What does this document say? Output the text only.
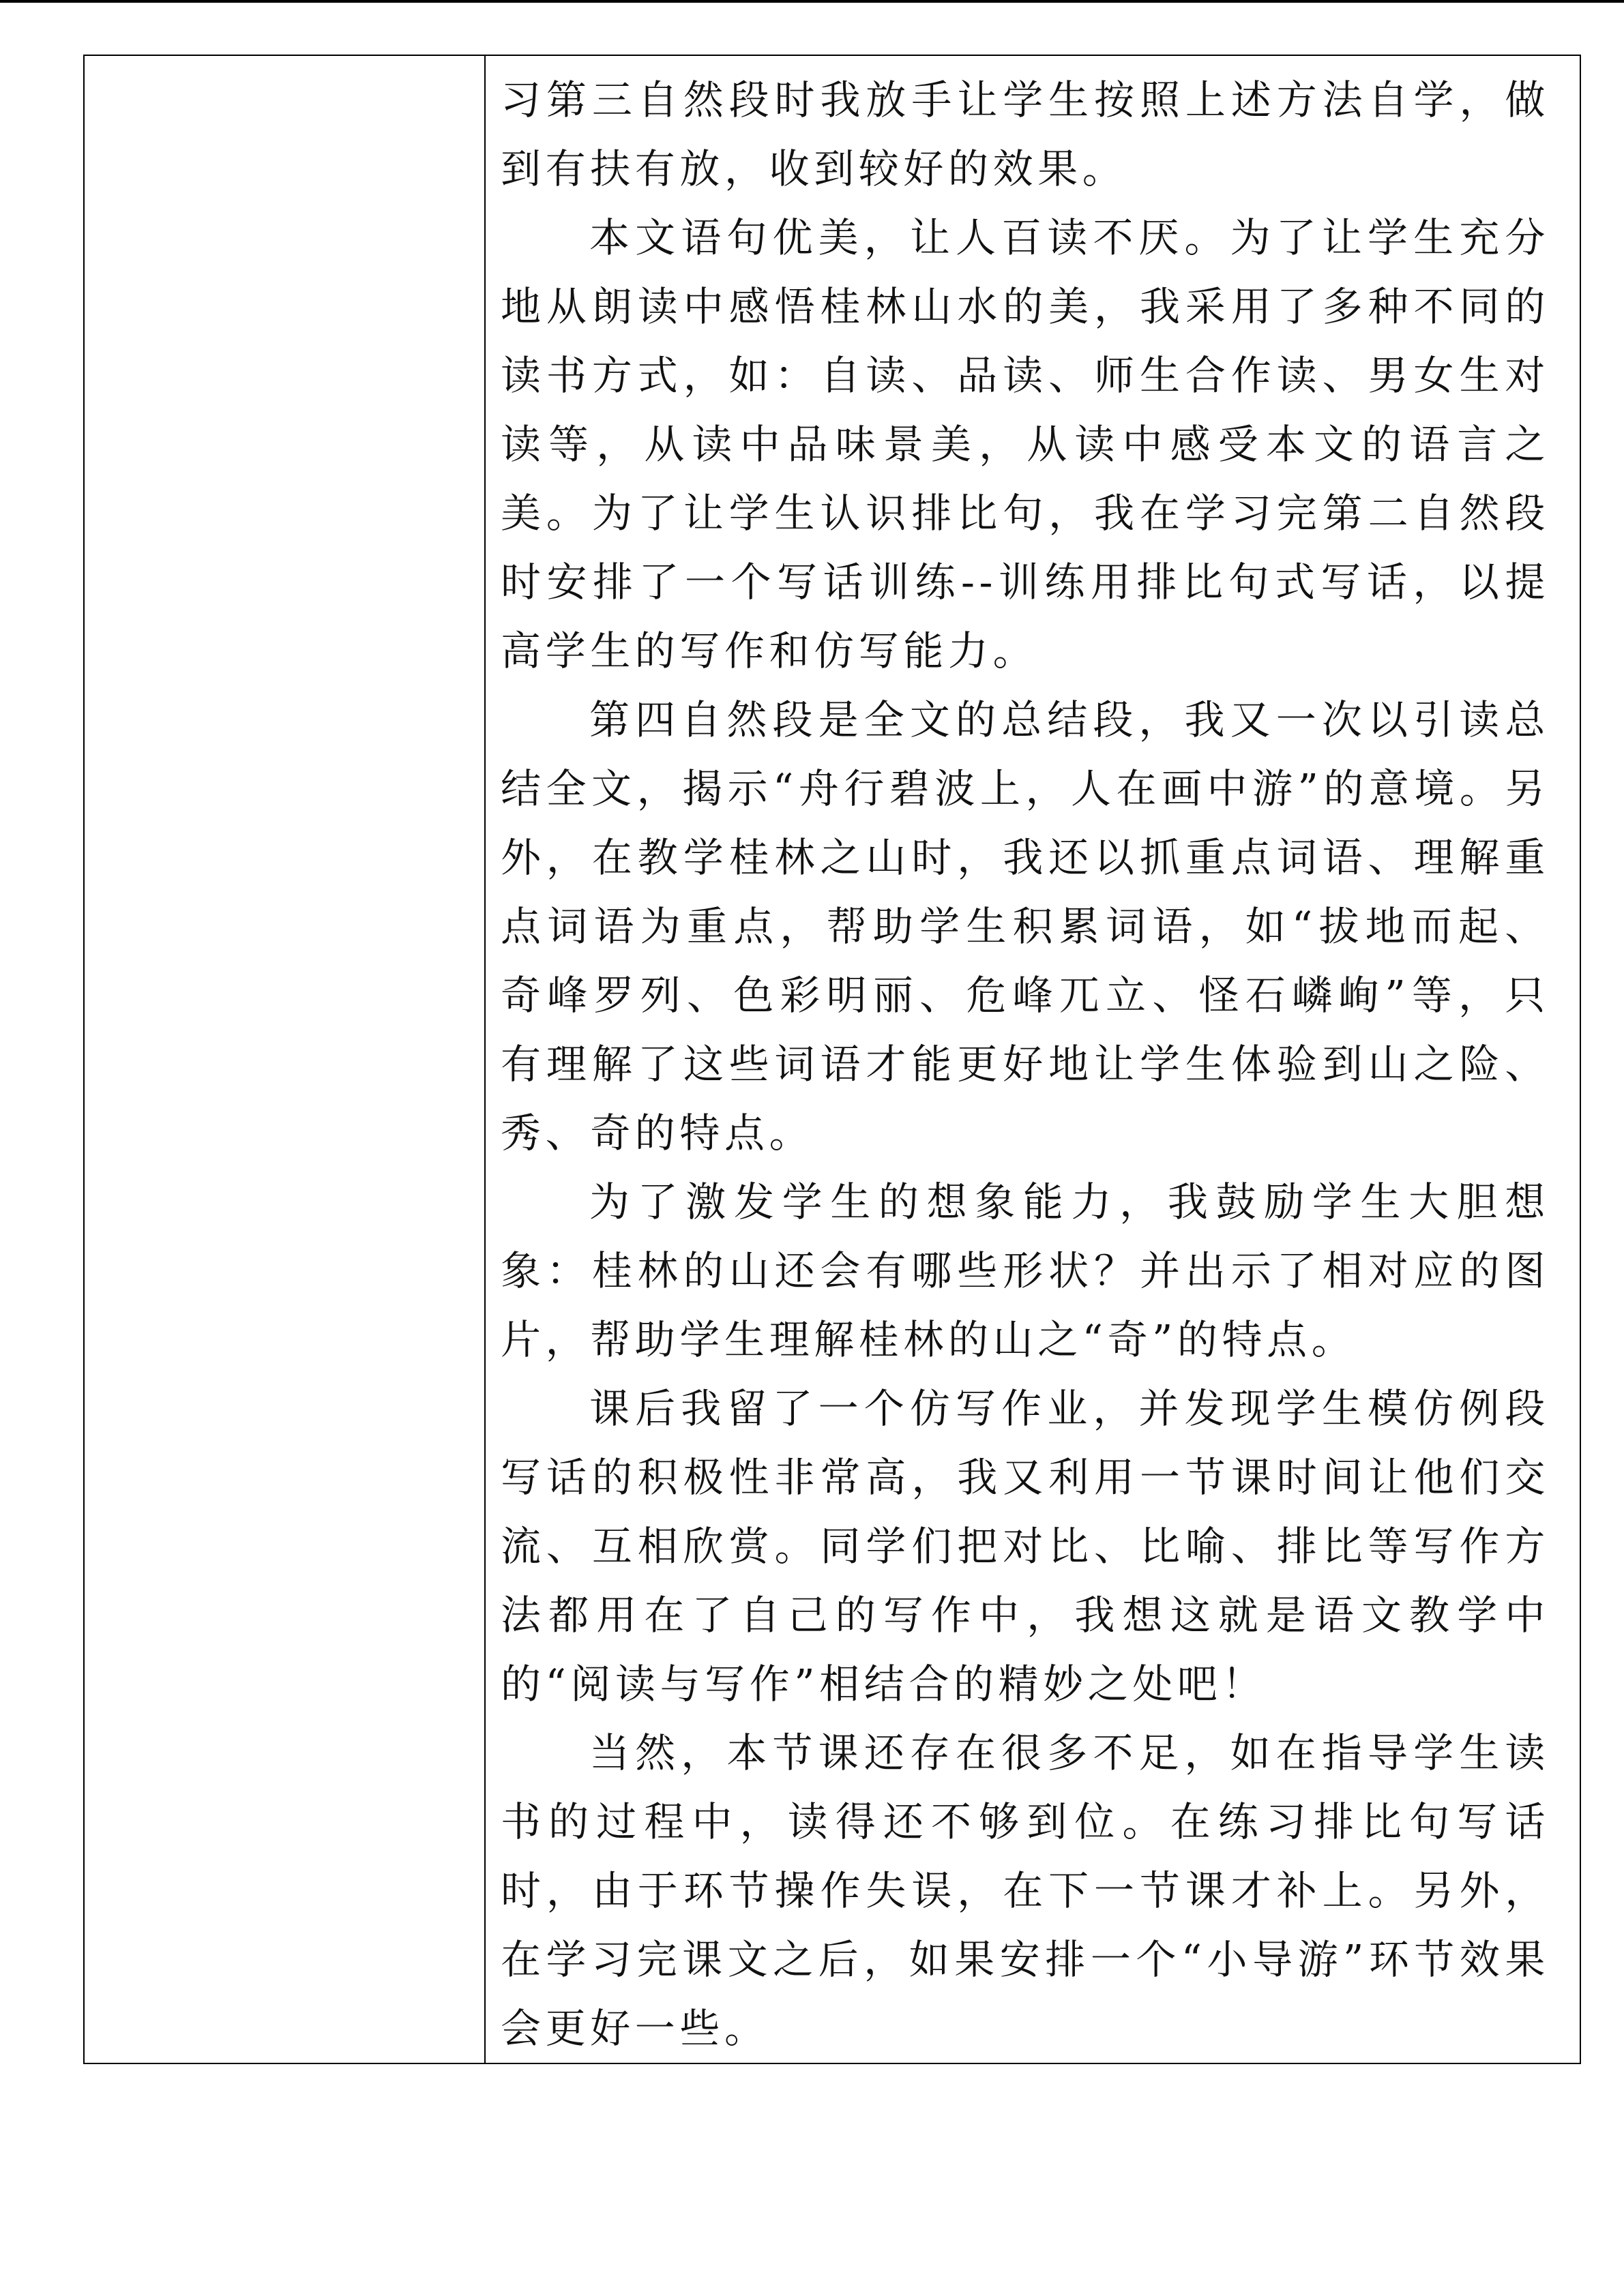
习第三自然段时我放手让学生按照上述方法自学，做到有扶有放，收到较好的效果。

本文语句优美，让人百读不厌。为了让学生充分地从朗读中感悟桂林山水的美，我采用了多种不同的读书方式，如：自读、品读、师生合作读、男女生对读等，从读中品味景美，从读中感受本文的语言之美。为了让学生认识排比句，我在学习完第二自然段时安排了一个写话训练--训练用排比句式写话，以提高学生的写作和仿写能力。

第四自然段是全文的总结段，我又一次以引读总结全文，揭示“舟行碧波上，人在画中游”的意境。另外，在教学桂林之山时，我还以抓重点词语、理解重点词语为重点，帮助学生积累词语，如“拔地而起、奇峰罗列、色彩明丽、危峰兀立、怪石嶙峋”等，只有理解了这些词语才能更好地让学生体验到山之险、秀、奇的特点。

为了激发学生的想象能力，我鼓励学生大胆想象：桂林的山还会有哪些形状？并出示了相对应的图片，帮助学生理解桂林的山之“奇”的特点。

课后我留了一个仿写作业，并发现学生模仿例段写话的积极性非常高，我又利用一节课时间让他们交流、互相欣赏。同学们把对比、比喻、排比等写作方法都用在了自己的写作中，我想这就是语文教学中的“阅读与写作”相结合的精妙之处吧！

当然，本节课还存在很多不足，如在指导学生读书的过程中，读得还不够到位。在练习排比句写话时，由于环节操作失误，在下一节课才补上。另外，在学习完课文之后，如果安排一个“小导游”环节效果会更好一些。
